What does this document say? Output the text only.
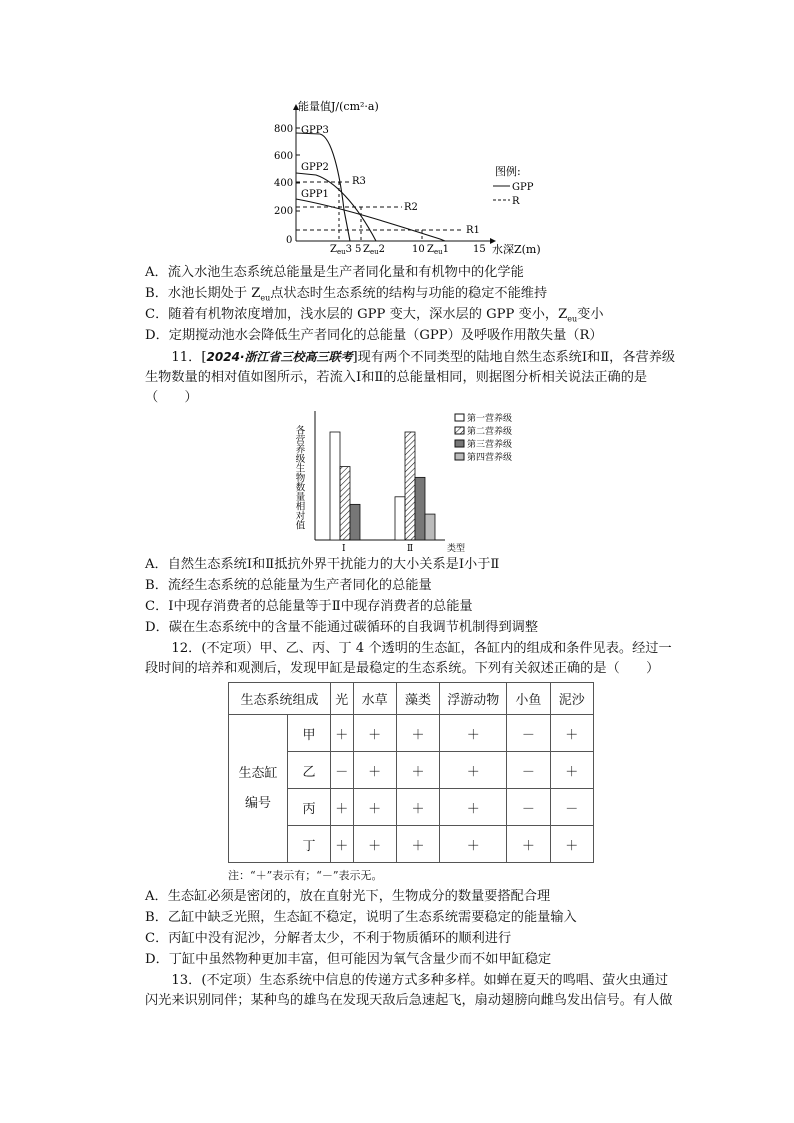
能量值J/(cm²·a)
水深Z(m)
800
600
400
200
0
GPP3
GPP2
GPP1
R3
R2
R1
$Z_{eu}3$ 5 $Z_{eu}2$	10 $Z_{eu}1$ 15
图例:
GPP
R
A．流入水池生态系统总能量是生产者同化量和有机物中的化学能
B．水池长期处于 $Z_{eu}$点状态时生态系统的结构与功能的稳定不能维持
C．随着有机物浓度增加，浅水层的 GPP 变大，深水层的 GPP 变小，$Z_{eu}$变小
D．定期搅动池水会降低生产者同化的总能量（GPP）及呼吸作用散失量（R）
11．[2024·浙江省三校高三联考]现有两个不同类型的陆地自然生态系统Ⅰ和Ⅱ，各营养级生物数量的相对值如图所示，若流入Ⅰ和Ⅱ的总能量相同，则据图分析相关说法正确的是（　　）
各营养级生物数量相对值
类型
Ⅰ	Ⅱ
第一营养级
第二营养级
第三营养级
第四营养级
A．自然生态系统Ⅰ和Ⅱ抵抗外界干扰能力的大小关系是Ⅰ小于Ⅱ
B．流经生态系统的总能量为生产者同化的总能量
C．Ⅰ中现存消费者的总能量等于Ⅱ中现存消费者的总能量
D．碳在生态系统中的含量不能通过碳循环的自我调节机制得到调整
12．(不定项）甲、乙、丙、丁 4 个透明的生态缸，各缸内的组成和条件见表。经过一段时间的培养和观测后，发现甲缸是最稳定的生态系统。下列有关叙述正确的是（　　）
生态系统组成		光	水草	藻类	浮游动物	小鱼	泥沙
生态缸
编号	甲	＋	＋	＋	＋	－	＋
	乙	－	＋	＋	＋	－	＋
	丙	＋	＋	＋	＋	－	－
	丁	＋	＋	＋	＋	＋	＋
注：“＋”表示有；“－”表示无。
A．生态缸必须是密闭的，放在直射光下，生物成分的数量要搭配合理
B．乙缸中缺乏光照，生态缸不稳定，说明了生态系统需要稳定的能量输入
C．丙缸中没有泥沙，分解者太少，不利于物质循环的顺利进行
D．丁缸中虽然物种更加丰富，但可能因为氧气含量少而不如甲缸稳定
13．(不定项）生态系统中信息的传递方式多种多样。如蝉在夏天的鸣唱、萤火虫通过闪光来识别同伴；某种鸟的雄鸟在发现天敌后急速起飞，扇动翅膀向雌鸟发出信号。有人做
